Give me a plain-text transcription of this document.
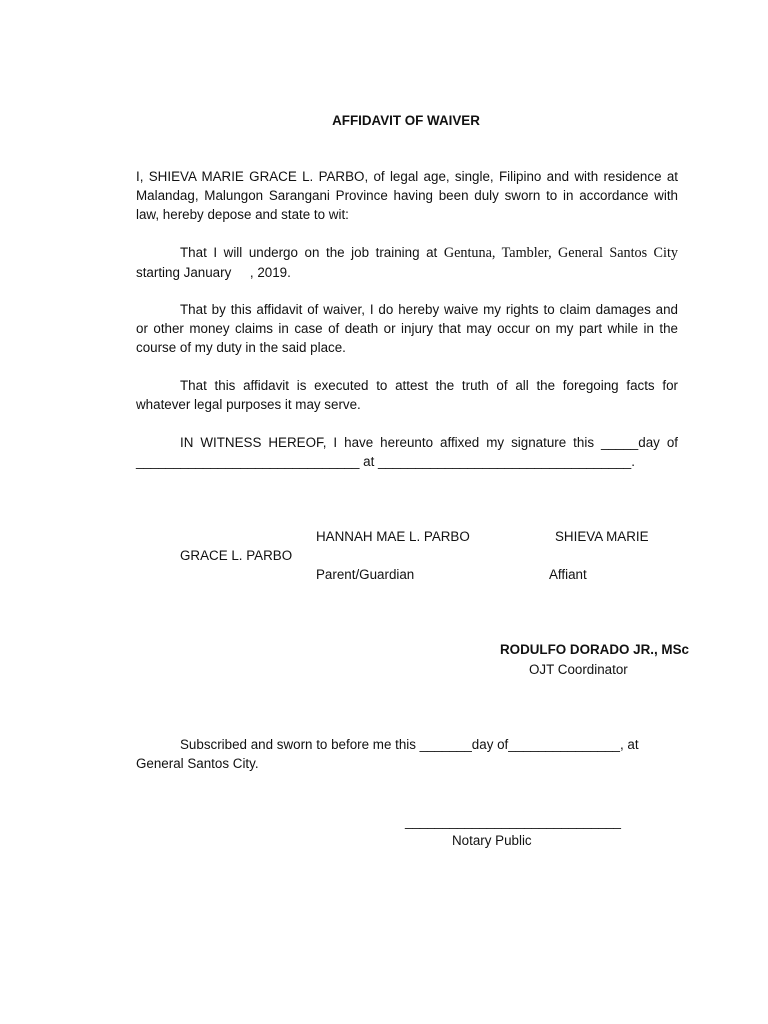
AFFIDAVIT OF WAIVER

I, SHIEVA MARIE GRACE L. PARBO, of legal age, single, Filipino and with residence at

Malandag, Malungon Sarangani Province having been duly sworn to in accordance with

law, hereby depose and state to wit:

That I will undergo on the job training at Gentuna, Tambler, General Santos City

starting January     , 2019.

That by this affidavit of waiver, I do hereby waive my rights to claim damages and

or other money claims in case of death or injury that may occur on my part while in the

course of my duty in the said place.

That this affidavit is executed to attest the truth of all the foregoing facts for

whatever legal purposes it may serve.

IN WITNESS HEREOF, I have hereunto affixed my signature this _____day of

______________________________ at __________________________________.

HANNAH MAE L. PARBO	SHIEVA MARIE
GRACE L. PARBO
Parent/Guardian	Affiant
RODULFO DORADO JR., MSc
OJT Coordinator
Subscribed and sworn to before me this _______day of_______________, at
General Santos City.
_____________________________
Notary Public
